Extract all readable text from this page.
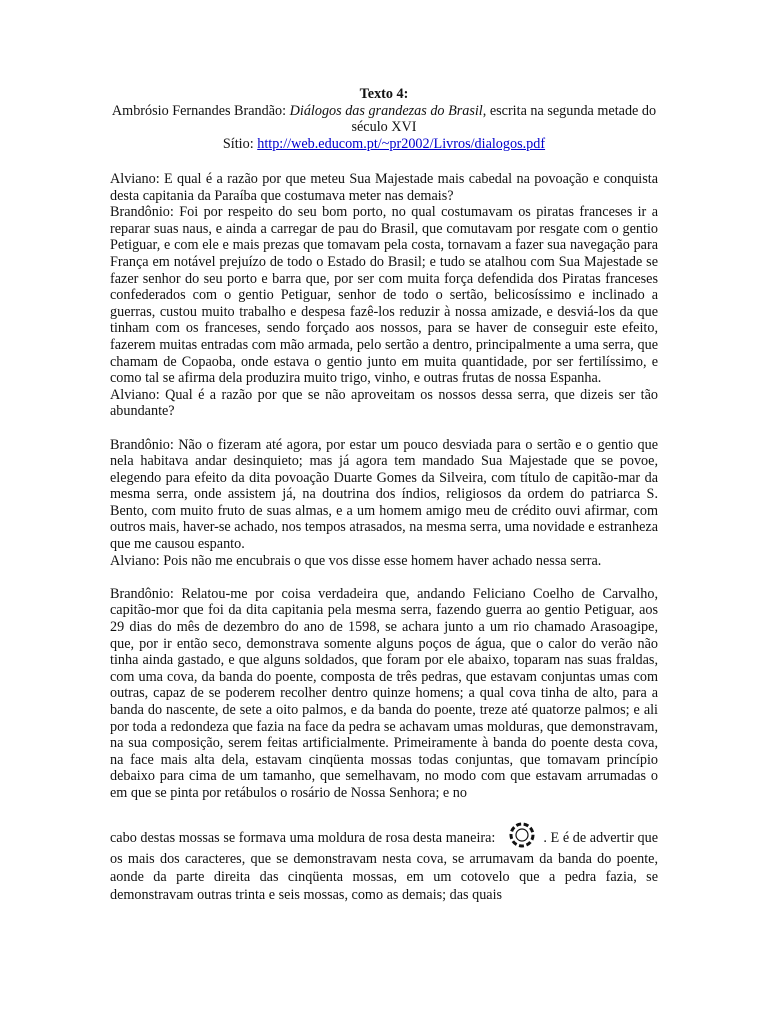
Texto 4:
Ambrósio Fernandes Brandão: Diálogos das grandezas do Brasil, escrita na segunda metade do século XVI
Sítio: http://web.educom.pt/~pr2002/Livros/dialogos.pdf

Alviano: E qual é a razão por que meteu Sua Majestade mais cabedal na povoação e conquista desta capitania da Paraíba que costumava meter nas demais?

Brandônio: Foi por respeito do seu bom porto, no qual costumavam os piratas franceses ir a reparar suas naus, e ainda a carregar de pau do Brasil, que comutavam por resgate com o gentio Petiguar, e com ele e mais prezas que tomavam pela costa, tornavam a fazer sua navegação para França em notável prejuízo de todo o Estado do Brasil; e tudo se atalhou com Sua Majestade se fazer senhor do seu porto e barra que, por ser com muita força defendida dos Piratas franceses confederados com o gentio Petiguar, senhor de todo o sertão, belicosíssimo e inclinado a guerras, custou muito trabalho e despesa fazê-los reduzir à nossa amizade, e desviá-los da que tinham com os franceses, sendo forçado aos nossos, para se haver de conseguir este efeito, fazerem muitas entradas com mão armada, pelo sertão a dentro, principalmente a uma serra, que chamam de Copaoba, onde estava o gentio junto em muita quantidade, por ser fertilíssimo, e como tal se afirma dela produzira muito trigo, vinho, e outras frutas de nossa Espanha.

Alviano: Qual é a razão por que se não aproveitam os nossos dessa serra, que dizeis ser tão abundante?

Brandônio: Não o fizeram até agora, por estar um pouco desviada para o sertão e o gentio que nela habitava andar desinquieto; mas já agora tem mandado Sua Majestade que se povoe, elegendo para efeito da dita povoação Duarte Gomes da Silveira, com título de capitão-mar da mesma serra, onde assistem já, na doutrina dos índios, religiosos da ordem do patriarca S. Bento, com muito fruto de suas almas, e a um homem amigo meu de crédito ouvi afirmar, com outros mais, haver-se achado, nos tempos atrasados, na mesma serra, uma novidade e estranheza que me causou espanto.

Alviano: Pois não me encubrais o que vos disse esse homem haver achado nessa serra.

Brandônio: Relatou-me por coisa verdadeira que, andando Feliciano Coelho de Carvalho, capitão-mor que foi da dita capitania pela mesma serra, fazendo guerra ao gentio Petiguar, aos 29 dias do mês de dezembro do ano de 1598, se achara junto a um rio chamado Arasoagipe, que, por ir então seco, demonstrava somente alguns poços de água, que o calor do verão não tinha ainda gastado, e que alguns soldados, que foram por ele abaixo, toparam nas suas fraldas, com uma cova, da banda do poente, composta de três pedras, que estavam conjuntas umas com outras, capaz de se poderem recolher dentro quinze homens; a qual cova tinha de alto, para a banda do nascente, de sete a oito palmos, e da banda do poente, treze até quatorze palmos; e ali por toda a redondeza que fazia na face da pedra se achavam umas molduras, que demonstravam, na sua composição, serem feitas artificialmente. Primeiramente à banda do poente desta cova, na face mais alta dela, estavam cinqüenta mossas todas conjuntas, que tomavam princípio debaixo para cima de um tamanho, que semelhavam, no modo com que estavam arrumadas o em que se pinta por retábulos o rosário de Nossa Senhora; e no

cabo destas mossas se formava uma moldura de rosa desta maneira:	. E é de advertir que os mais dos caracteres, que se demonstravam nesta cova, se arrumavam da banda do poente, aonde da parte direita das cinqüenta mossas, em um cotovelo que a pedra fazia, se demonstravam outras trinta e seis mossas, como as demais; das quais
